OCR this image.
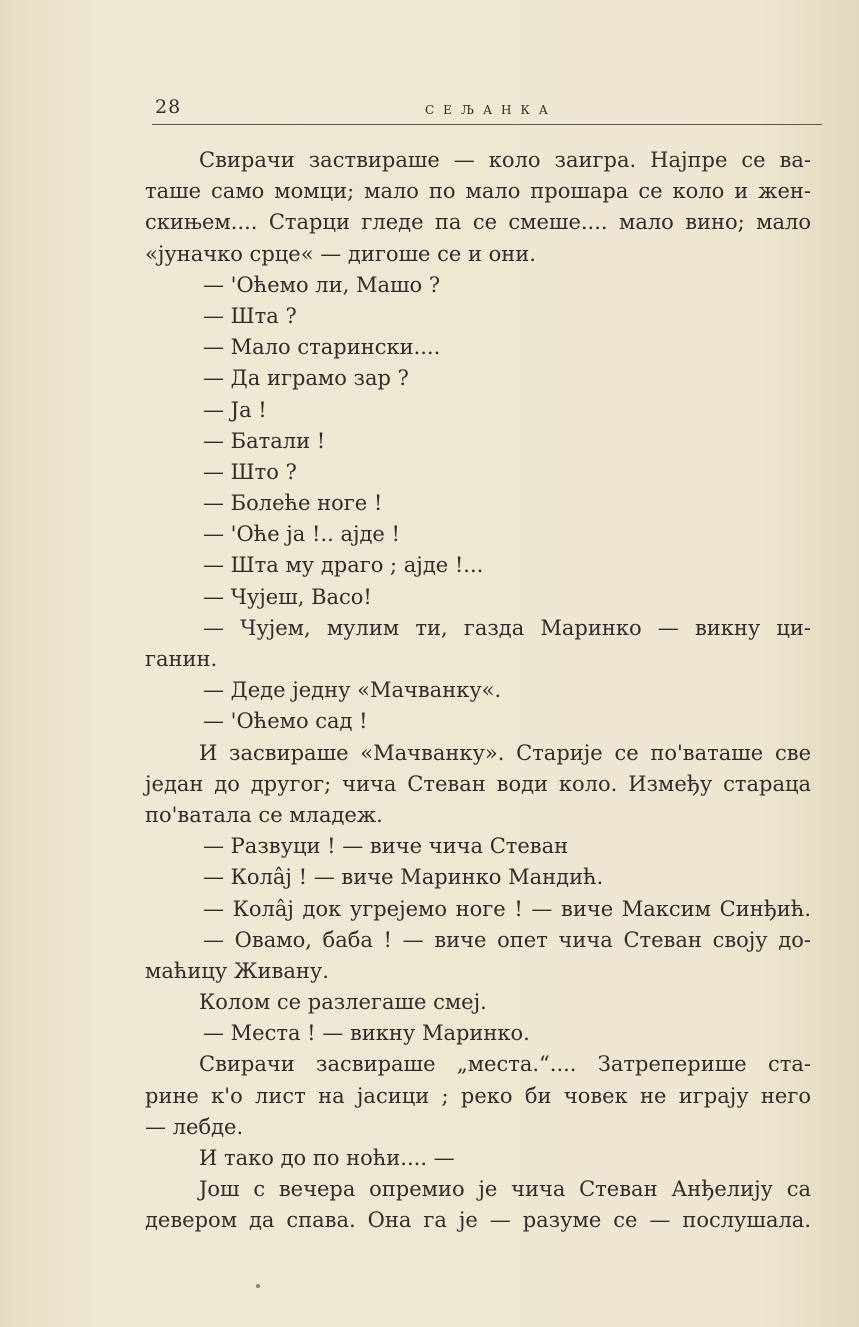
28	СЕЉАНКА
Свирачи заствираше — коло заигра. Најпре се ва-
таше само момци; мало по мало прошара се коло и жен-
скињем.... Старци гледе па се смеше.... мало вино; мало
«јуначко срце« — дигоше се и они.
— 'Оћемо ли, Машо ?
— Шта ?
— Мало старински....
— Да играмо зар ?
— Ја !
— Батали !
— Што ?
— Болеће ноге !
— 'Оће ја !.. ајде !
— Шта му драго ; ајде !...
— Чујеш, Васо!
— Чујем, мулим ти, газда Маринко — викну ци-
ганин.
— Деде једну «Мачванку«.
— 'Оћемо сад !
И засвираше «Мачванку». Старије се по'ваташе све
један до другог; чича Стеван води коло. Између стараца
по'ватала се младеж.
— Развуци ! — виче чича Стеван
— Колâј ! — виче Маринко Мандић.
— Колâј док угрејемо ноге ! — виче Максим Синђић.
— Овамо, баба ! — виче опет чича Стеван своју до-
маћицу Живану.
Колом се разлегаше смеј.
— Места ! — викну Маринко.
Свирачи засвираше „места.“.... Затреперише ста-
рине к'о лист на јасици ; реко би човек не играју него
— лебде.
И тако до по ноћи.... —
Још с вечера опремио је чича Стеван Анђелију са
девером да спава. Она га је — разуме се — послушала.
